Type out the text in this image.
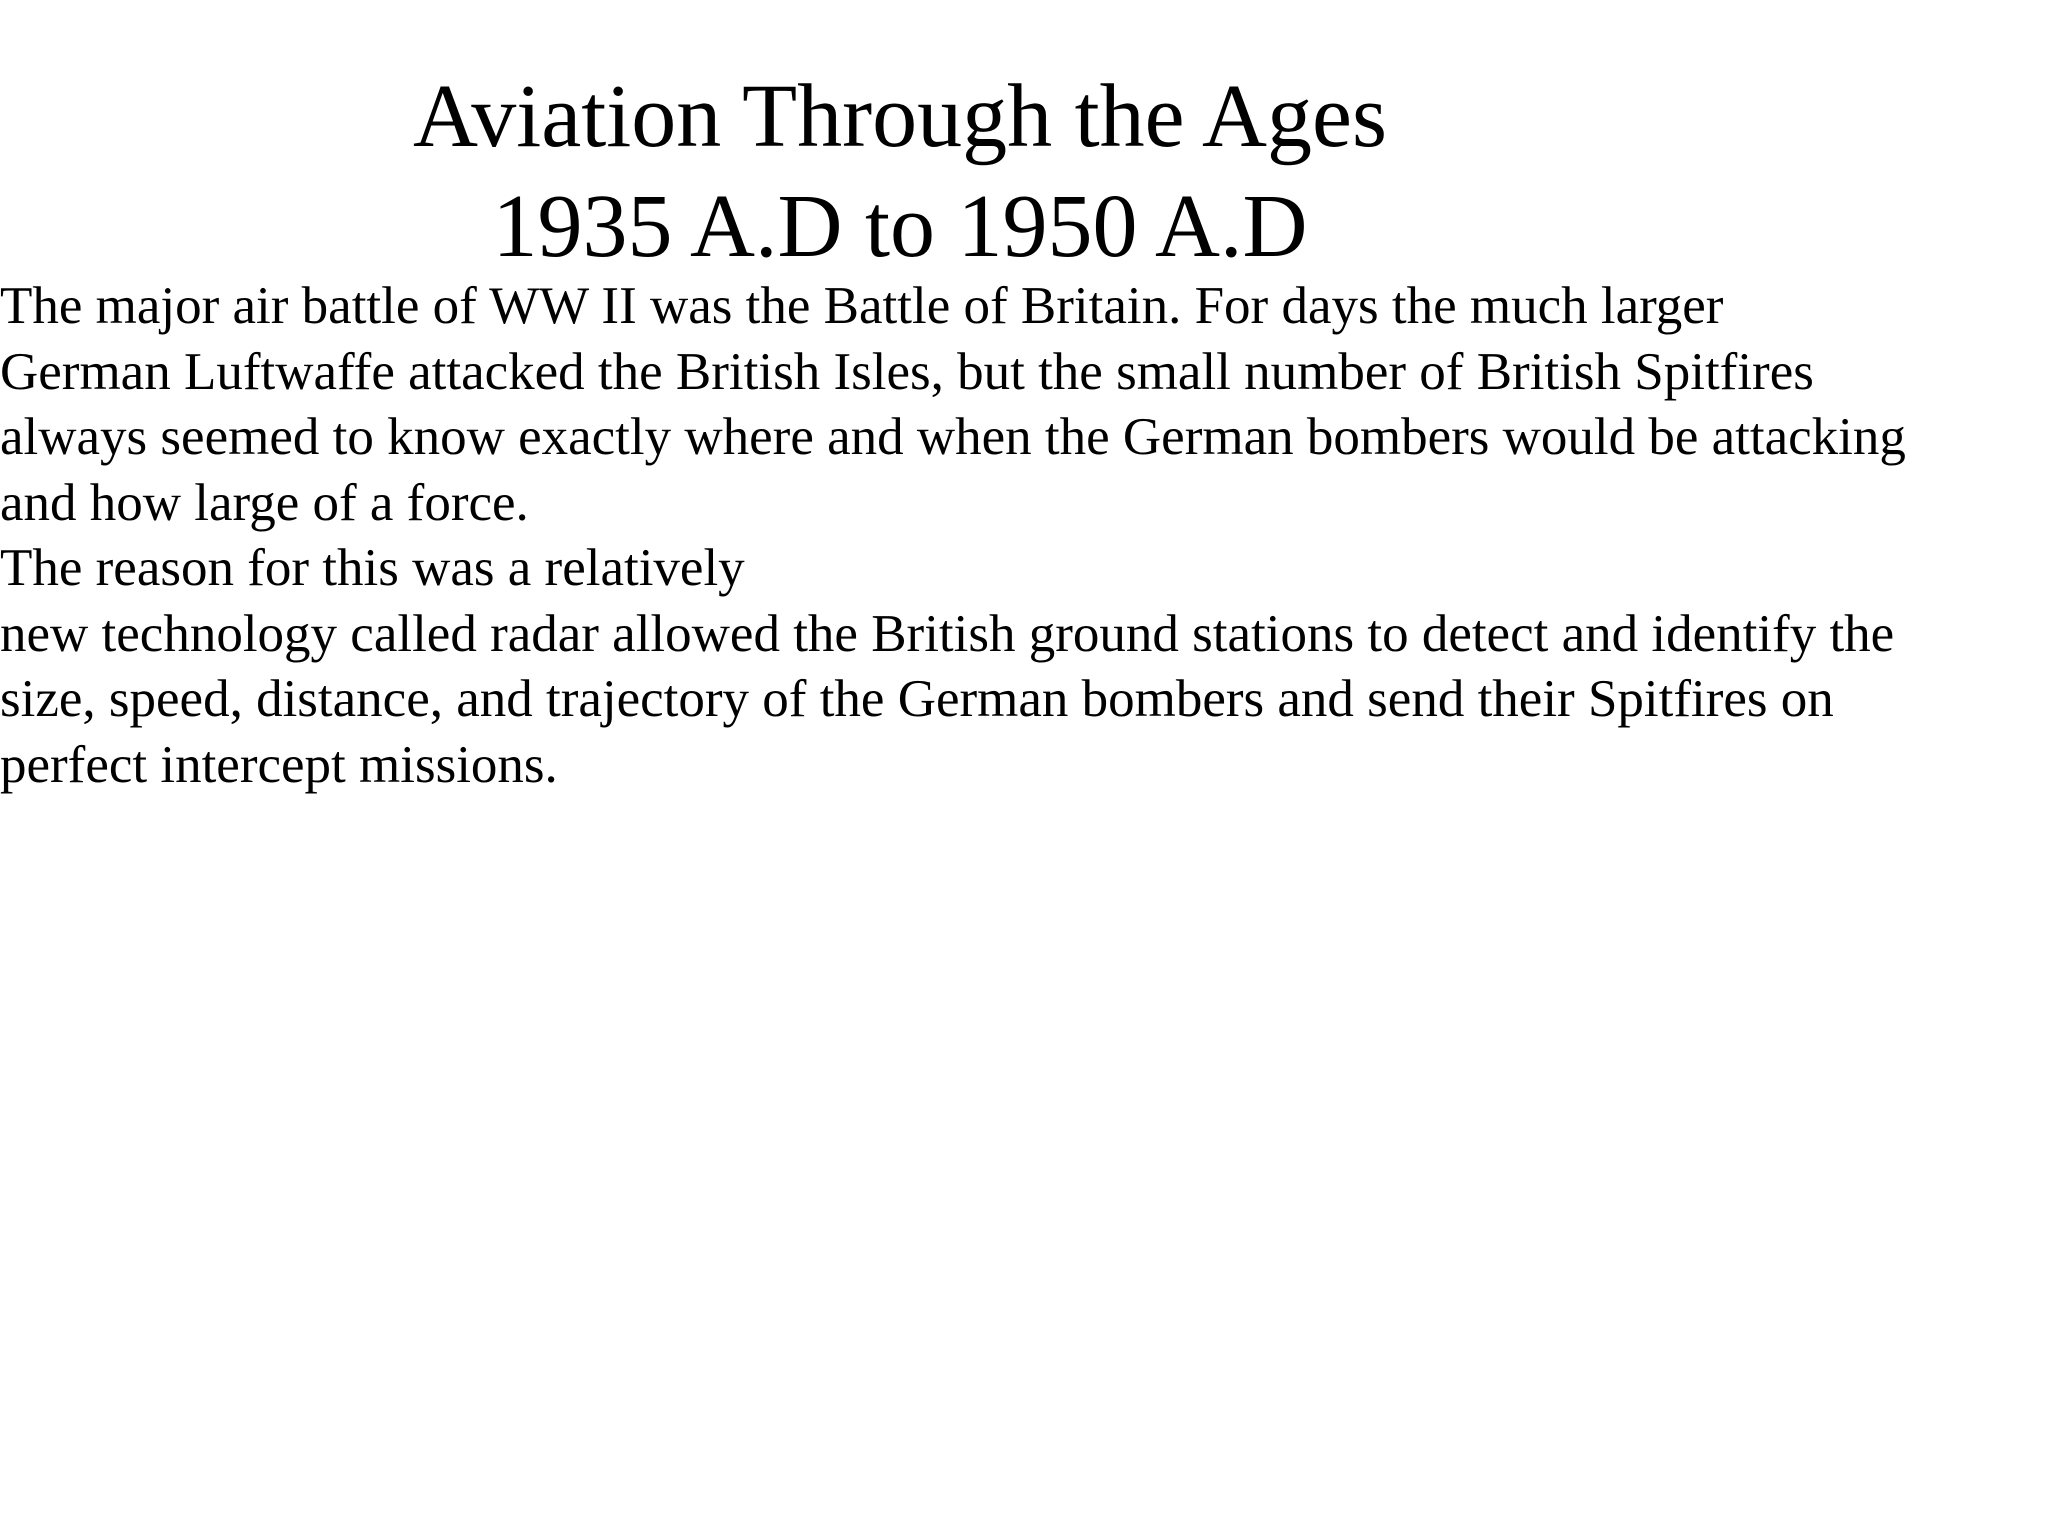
Aviation Through the Ages
1935 A.D to 1950 A.D
The major air battle of WW II was the Battle of Britain. For days the much larger
German Luftwaffe attacked the British Isles, but the small number of British Spitfires
always seemed to know exactly where and when the German bombers would be attacking
and how large of a force.
The reason for this was a relatively
new technology called radar allowed the British ground stations to detect and identify the
size, speed, distance, and trajectory of the German bombers and send their Spitfires on
perfect intercept missions.
